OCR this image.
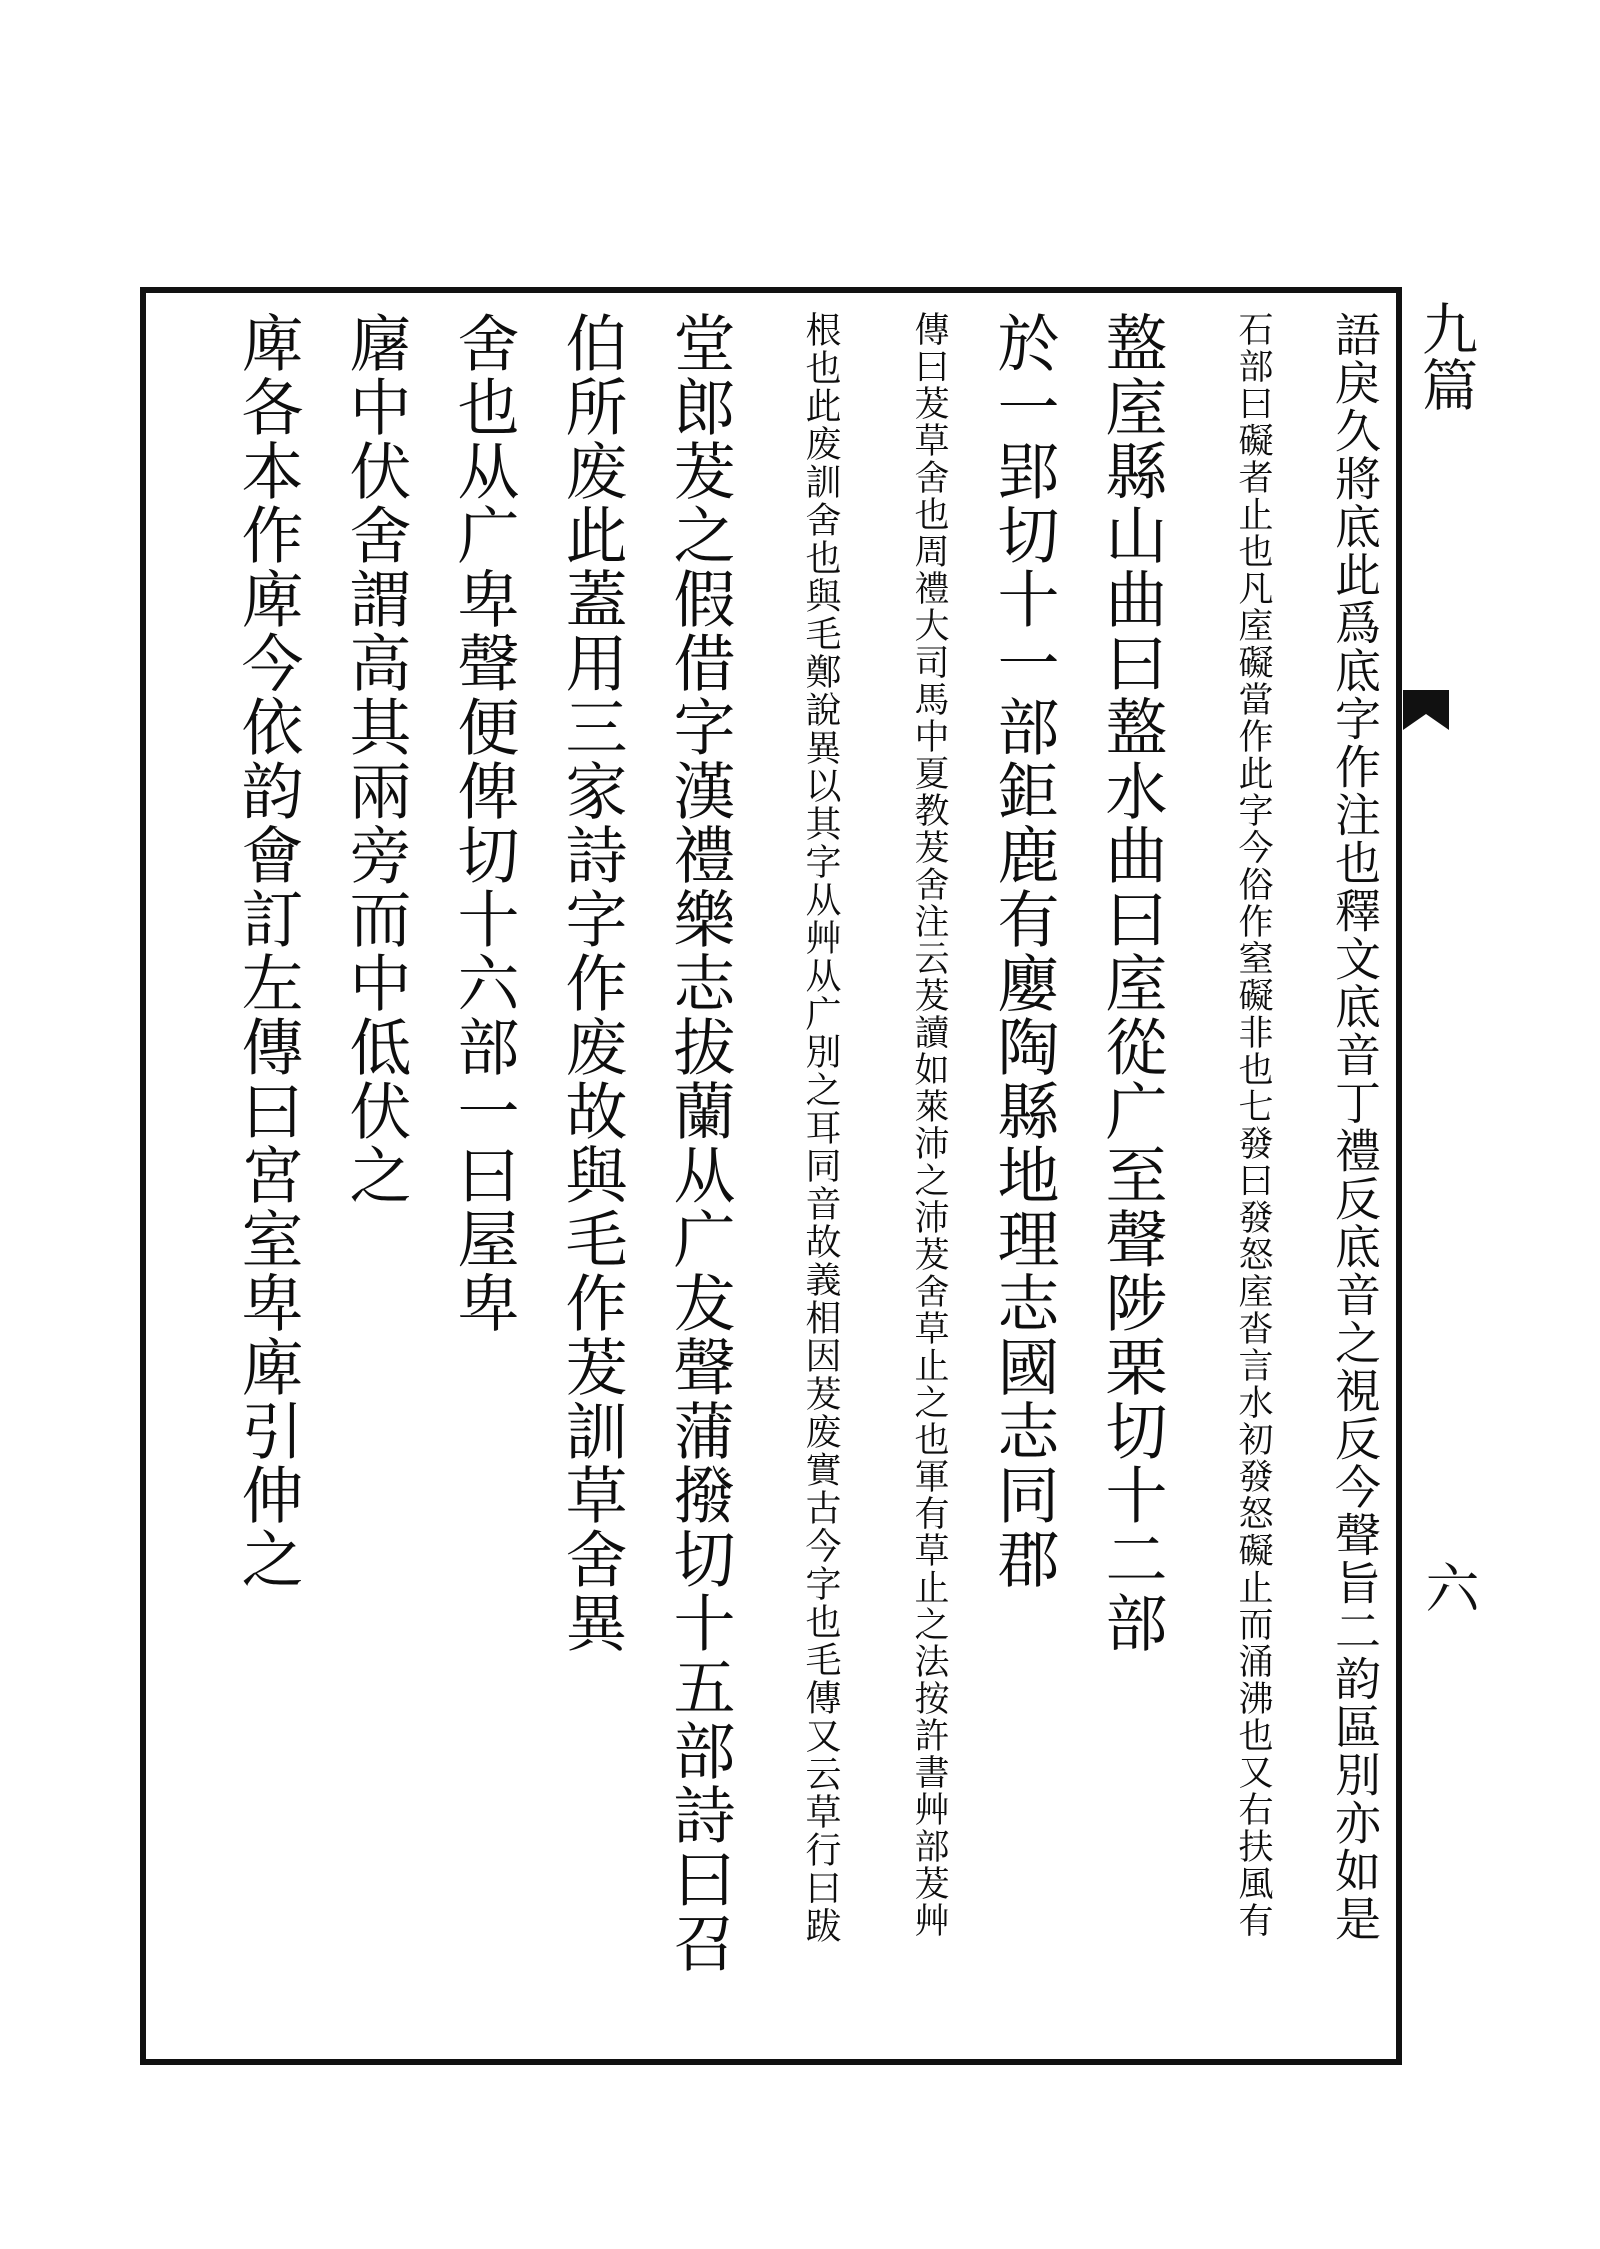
九篇
六
語戾久將底此爲底字作注也釋文底音丁禮反底音之視反今聲旨二韵區別亦如是
石部曰礙者止也凡庢礙當作此字今俗作窒礙非也七發曰發怒庢沓言水初發怒礙止而涌沸也又右扶風有
盩庢縣山曲曰盩水曲曰庢從广至聲陟栗切十二部
於一郢切十一部鉅鹿有廮陶縣地理志國志同郡
傳曰茇草舍也周禮大司馬中夏教茇舍注云茇讀如萊沛之沛茇舍草止之也軍有草止之法按許書艸部茇艸
根也此废訓舍也與毛鄭說異以其字从艸从广別之耳同音故義相因茇废實古今字也毛傳又云草行曰跋
堂郎茇之假借字漢禮樂志拔蘭从广犮聲蒲撥切十五部詩曰召
伯所废此蓋用三家詩字作废故與毛作茇訓草舍異
舍也从广卑聲便俾切十六部一曰屋卑
廜中伏舍謂高其兩旁而中低伏之
庳各本作庳今依韵會訂左傳曰宮室卑庳引伸之
